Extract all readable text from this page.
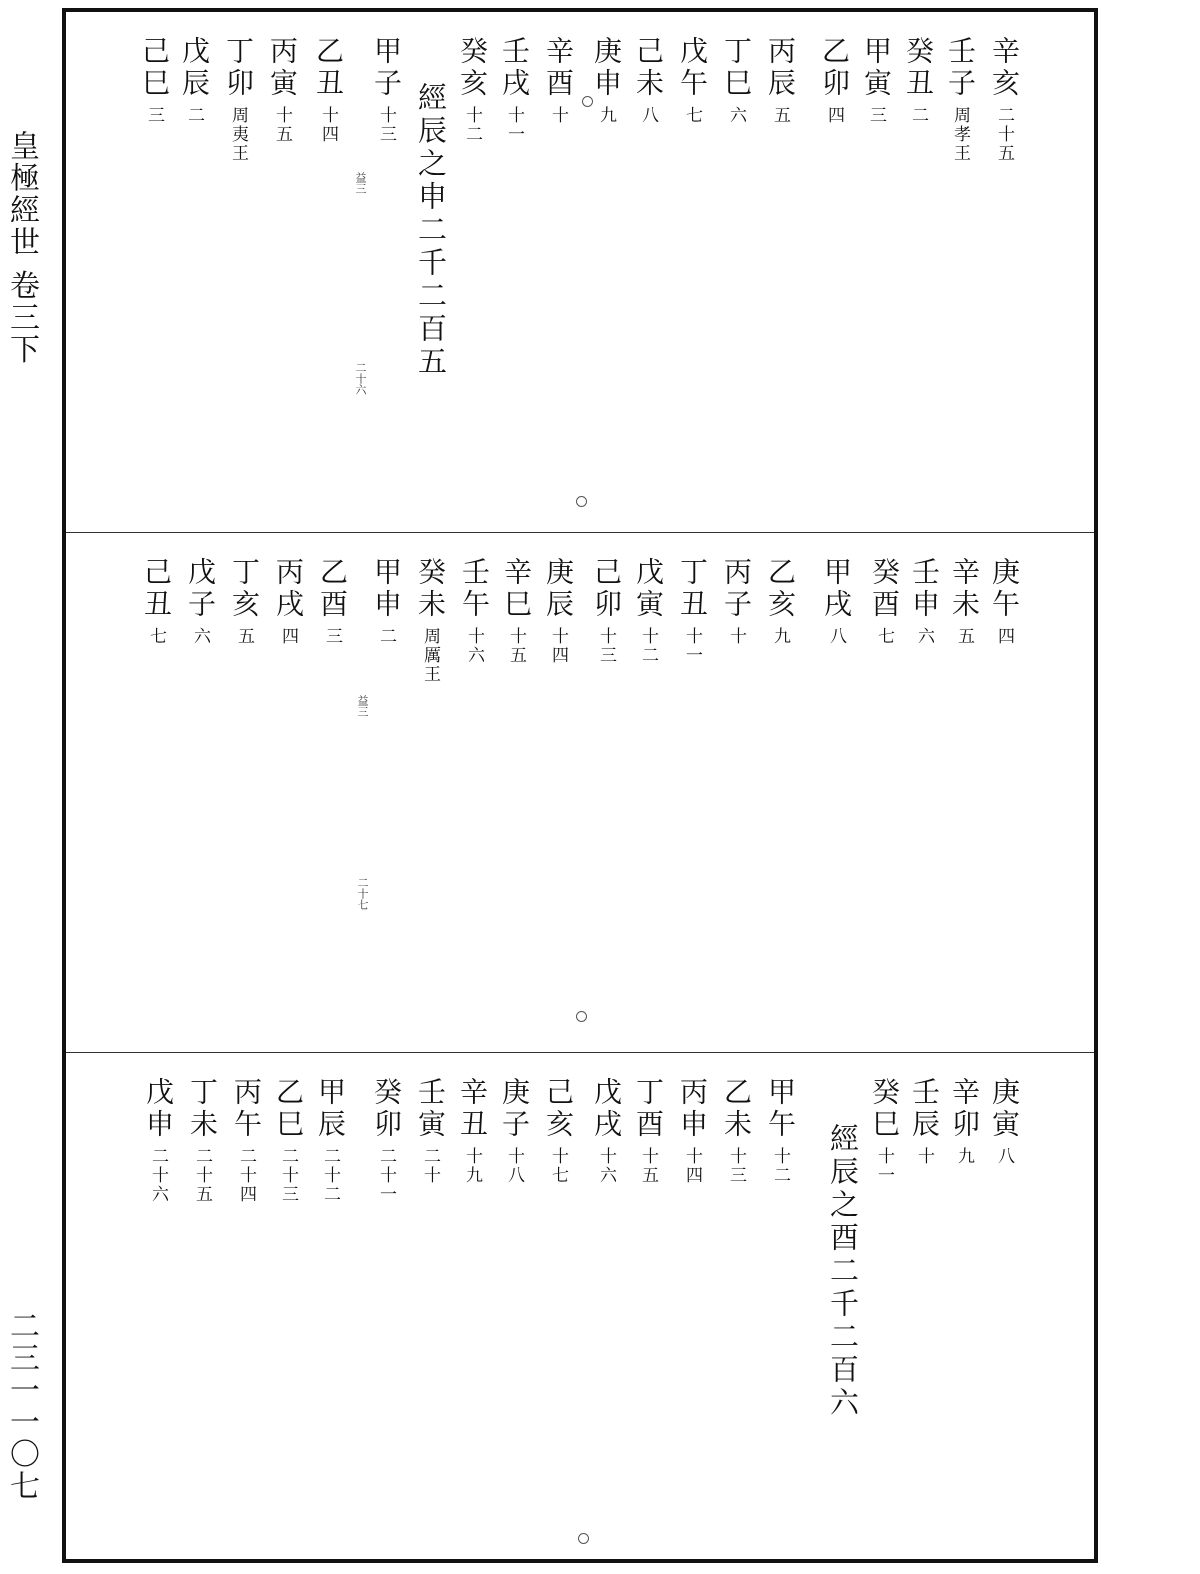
皇極經世 卷三下
二三一一〇七
辛亥二十五
壬子周孝王
癸丑二
甲寅三
乙卯四
丙辰五
丁巳六
戊午七
己未八
庚申九
辛酉十
壬戌十一
癸亥十二
經辰之申二千二百五
甲子十三
乙丑十四
丙寅十五
丁卯周夷王
戊辰二
己巳三
益三
二十六
庚午四
辛未五
壬申六
癸酉七
甲戌八
乙亥九
丙子十
丁丑十一
戊寅十二
己卯十三
庚辰十四
辛巳十五
壬午十六
癸未周厲王
甲申二
乙酉三
丙戌四
丁亥五
戊子六
己丑七
益三
二十七
庚寅八
辛卯九
壬辰十
癸巳十一
經辰之酉二千二百六
甲午十二
乙未十三
丙申十四
丁酉十五
戊戌十六
己亥十七
庚子十八
辛丑十九
壬寅二十
癸卯二十一
甲辰二十二
乙巳二十三
丙午二十四
丁未二十五
戊申二十六
